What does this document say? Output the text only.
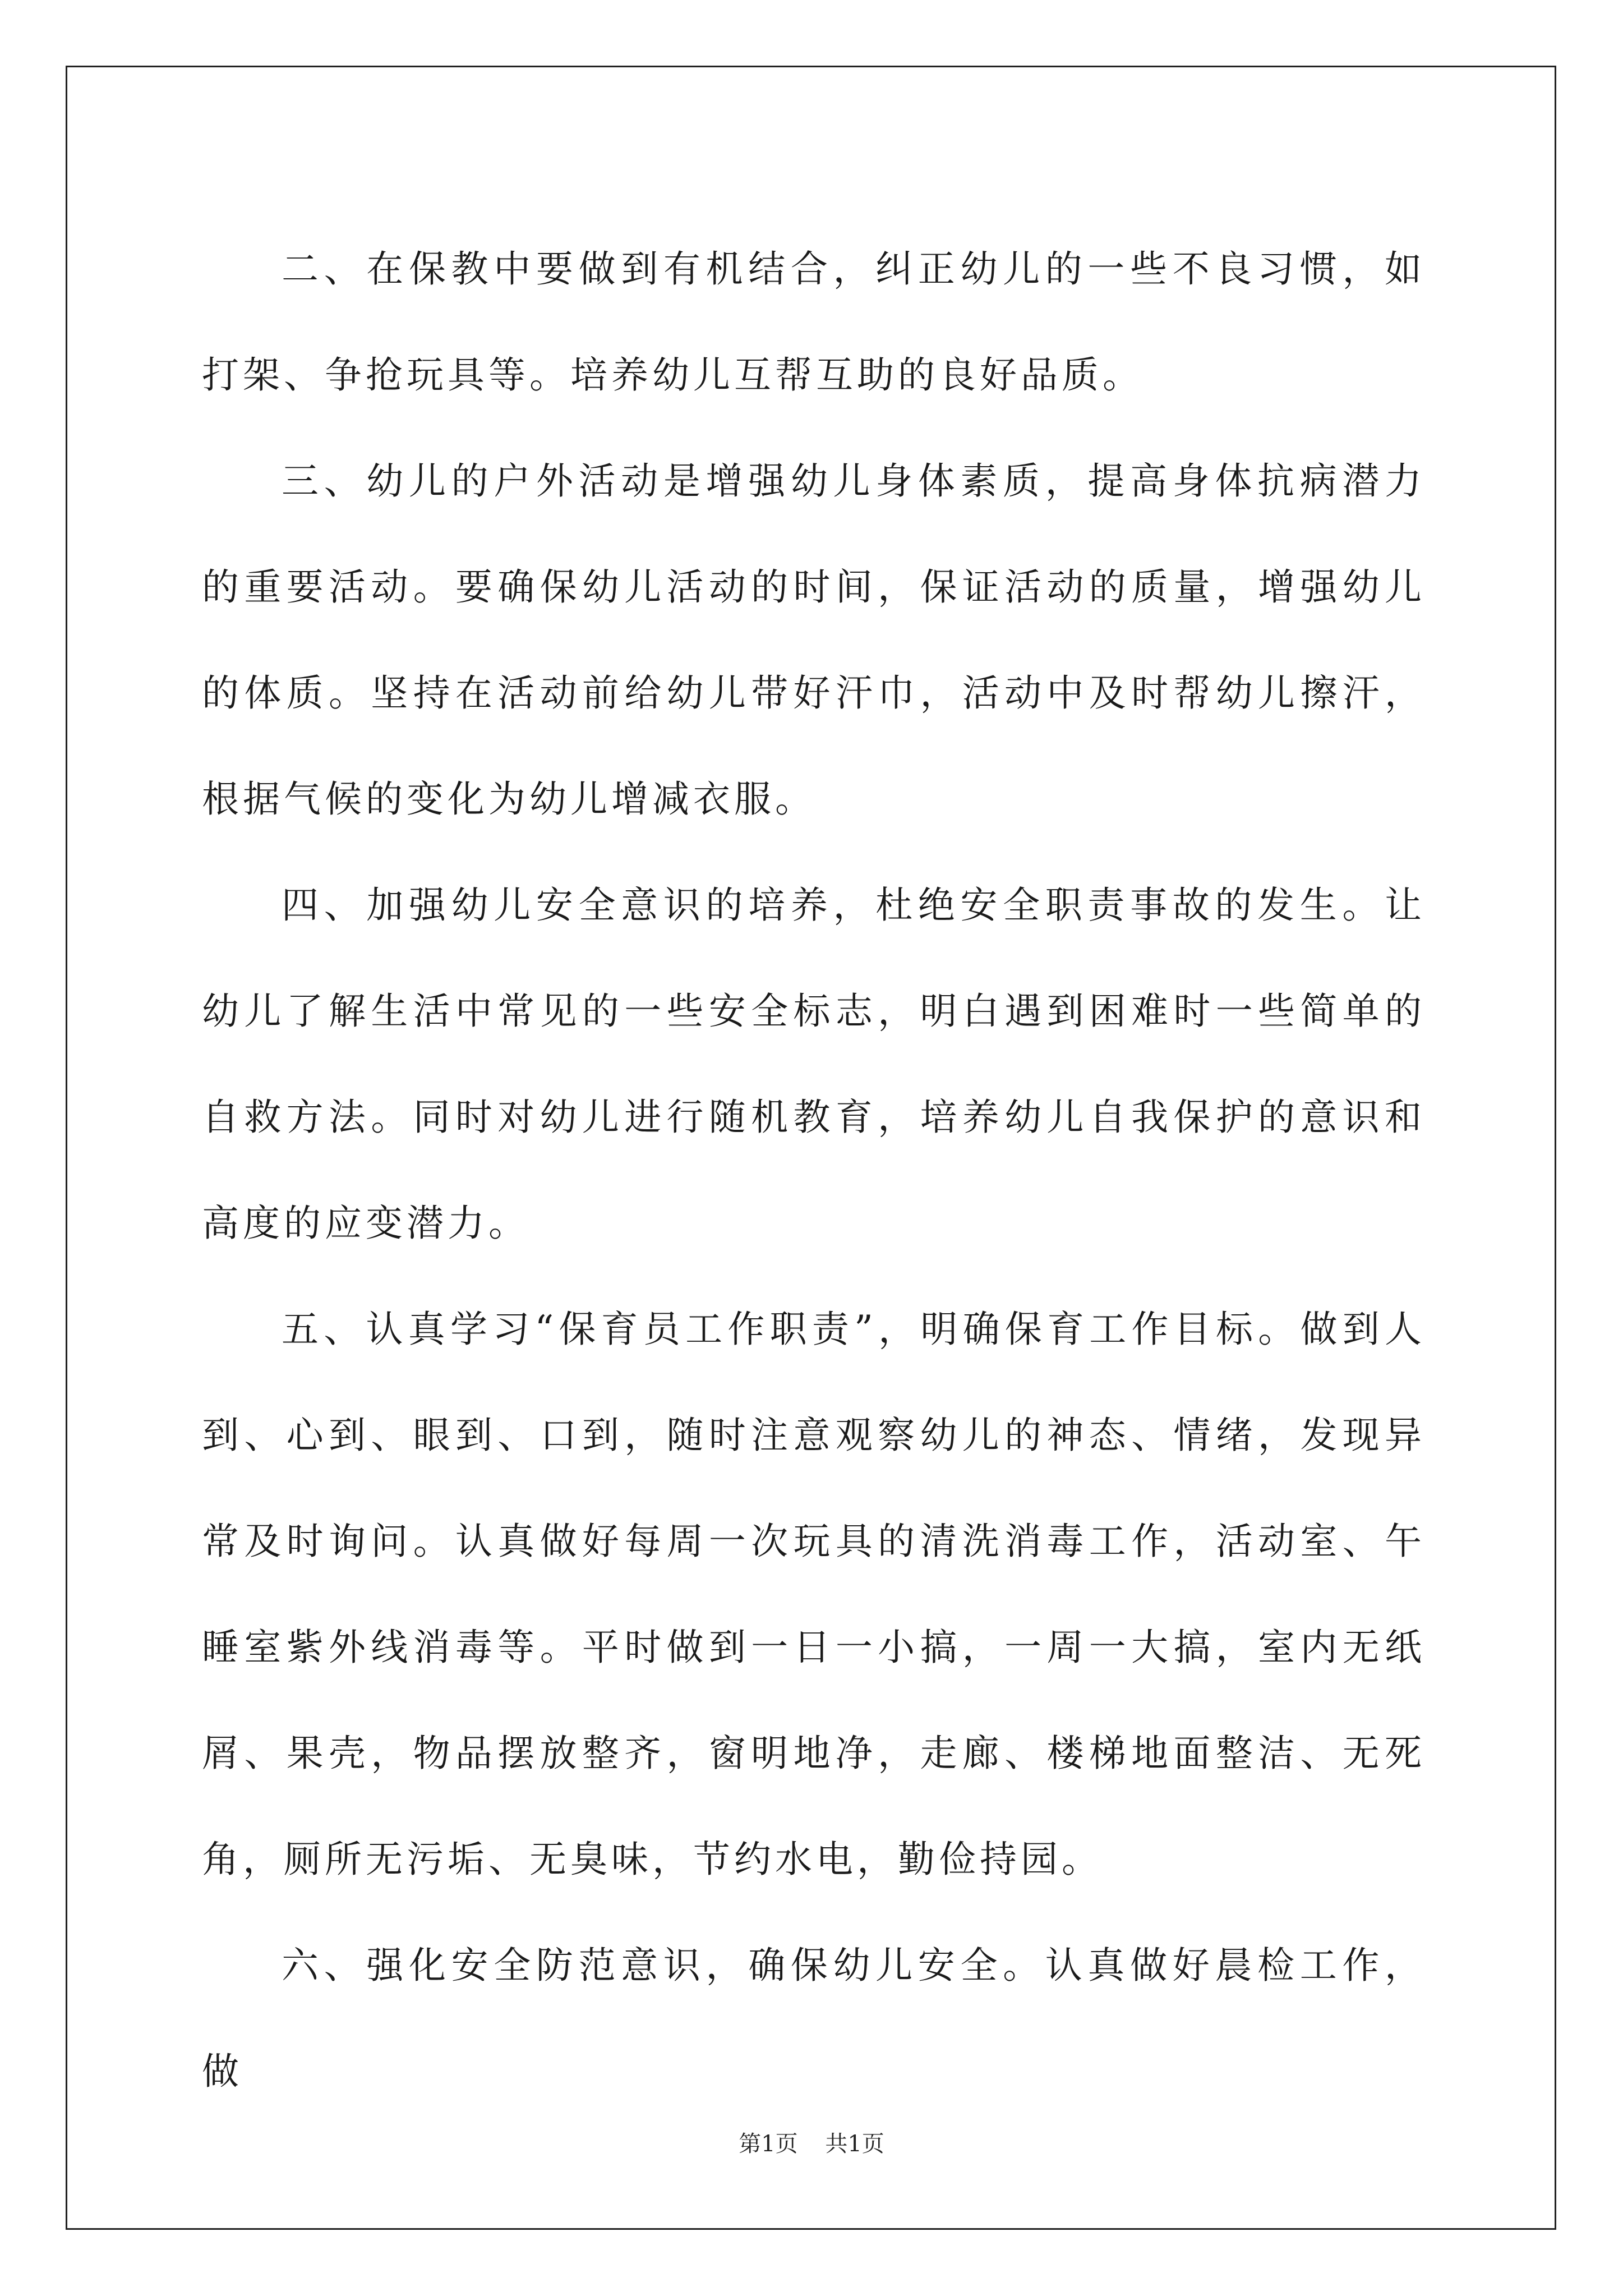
二、在保教中要做到有机结合，纠正幼儿的一些不良习惯，如打架、争抢玩具等。培养幼儿互帮互助的良好品质。

三、幼儿的户外活动是增强幼儿身体素质，提高身体抗病潜力的重要活动。要确保幼儿活动的时间，保证活动的质量，增强幼儿的体质。坚持在活动前给幼儿带好汗巾，活动中及时帮幼儿擦汗，根据气候的变化为幼儿增减衣服。

四、加强幼儿安全意识的培养，杜绝安全职责事故的发生。让幼儿了解生活中常见的一些安全标志，明白遇到困难时一些简单的自救方法。同时对幼儿进行随机教育，培养幼儿自我保护的意识和高度的应变潜力。

五、认真学习“保育员工作职责”，明确保育工作目标。做到人到、心到、眼到、口到，随时注意观察幼儿的神态、情绪，发现异常及时询问。认真做好每周一次玩具的清洗消毒工作，活动室、午睡室紫外线消毒等。平时做到一日一小搞，一周一大搞，室内无纸屑、果壳，物品摆放整齐，窗明地净，走廊、楼梯地面整洁、无死角，厕所无污垢、无臭味，节约水电，勤俭持园。

六、强化安全防范意识，确保幼儿安全。认真做好晨检工作，做

第1页 共1页
